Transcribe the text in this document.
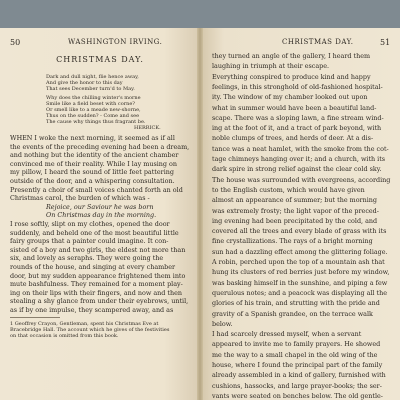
50	WASHINGTON IRVING.
CHRISTMAS DAY.
Dark and dull night, flie hence away,
And give the honor to this day
That sees December turn'd to May.
Why does the chilling winter's morne
Smile like a field beset with corne?
Or smell like to a meade new-shorne,
Thus on the sudden? - Come and see
The cause why things thus fragrant be.
HERRICK.
WHEN I woke the next morning, it seemed as if all
the events of the preceding evening had been a dream,
and nothing but the identity of the ancient chamber
convinced me of their reality. While I lay musing on
my pillow, I heard the sound of little feet pattering
outside of the door, and a whispering consultation.
Presently a choir of small voices chanted forth an old
Christmas carol, the burden of which was -
Rejoice, our Saviour he was born
On Christmas day in the morning.
I rose softly, slipt on my clothes, opened the door
suddenly, and beheld one of the most beautiful little
fairy groups that a painter could imagine. It con-
sisted of a boy and two girls, the eldest not more than
six, and lovely as seraphs. They were going the
rounds of the house, and singing at every chamber
door, but my sudden appearance frightened them into
mute bashfulness. They remained for a moment play-
ing on their lips with their fingers, and now and then
stealing a shy glance from under their eyebrows, until,
as if by one impulse, they scampered away, and as
1 Geoffrey Crayon, Gentleman, spent his Christmas Eve at
Bracebridge Hall. The account which he gives of the festivities
on that occasion is omitted from this book.
CHRISTMAS DAY.	51
they turned an angle of the gallery, I heard them
laughing in triumph at their escape.
Everything conspired to produce kind and happy
feelings, in this stronghold of old-fashioned hospital-
ity. The window of my chamber looked out upon
what in summer would have been a beautiful land-
scape. There was a sloping lawn, a fine stream wind-
ing at the foot of it, and a tract of park beyond, with
noble clumps of trees, and herds of deer. At a dis-
tance was a neat hamlet, with the smoke from the cot-
tage chimneys hanging over it; and a church, with its
dark spire in strong relief against the clear cold sky.
The house was surrounded with evergreens, according
to the English custom, which would have given
almost an appearance of summer; but the morning
was extremely frosty; the light vapor of the preced-
ing evening had been precipitated by the cold, and
covered all the trees and every blade of grass with its
fine crystallizations. The rays of a bright morning
sun had a dazzling effect among the glittering foliage.
A robin, perched upon the top of a mountain ash that
hung its clusters of red berries just before my window,
was basking himself in the sunshine, and piping a few
querulous notes; and a peacock was displaying all the
glories of his train, and strutting with the pride and
gravity of a Spanish grandee, on the terrace walk
below.
I had scarcely dressed myself, when a servant
appeared to invite me to family prayers. He showed
me the way to a small chapel in the old wing of the
house, where I found the principal part of the family
already assembled in a kind of gallery, furnished with
cushions, hassocks, and large prayer-books; the ser-
vants were seated on benches below. The old gentle-
